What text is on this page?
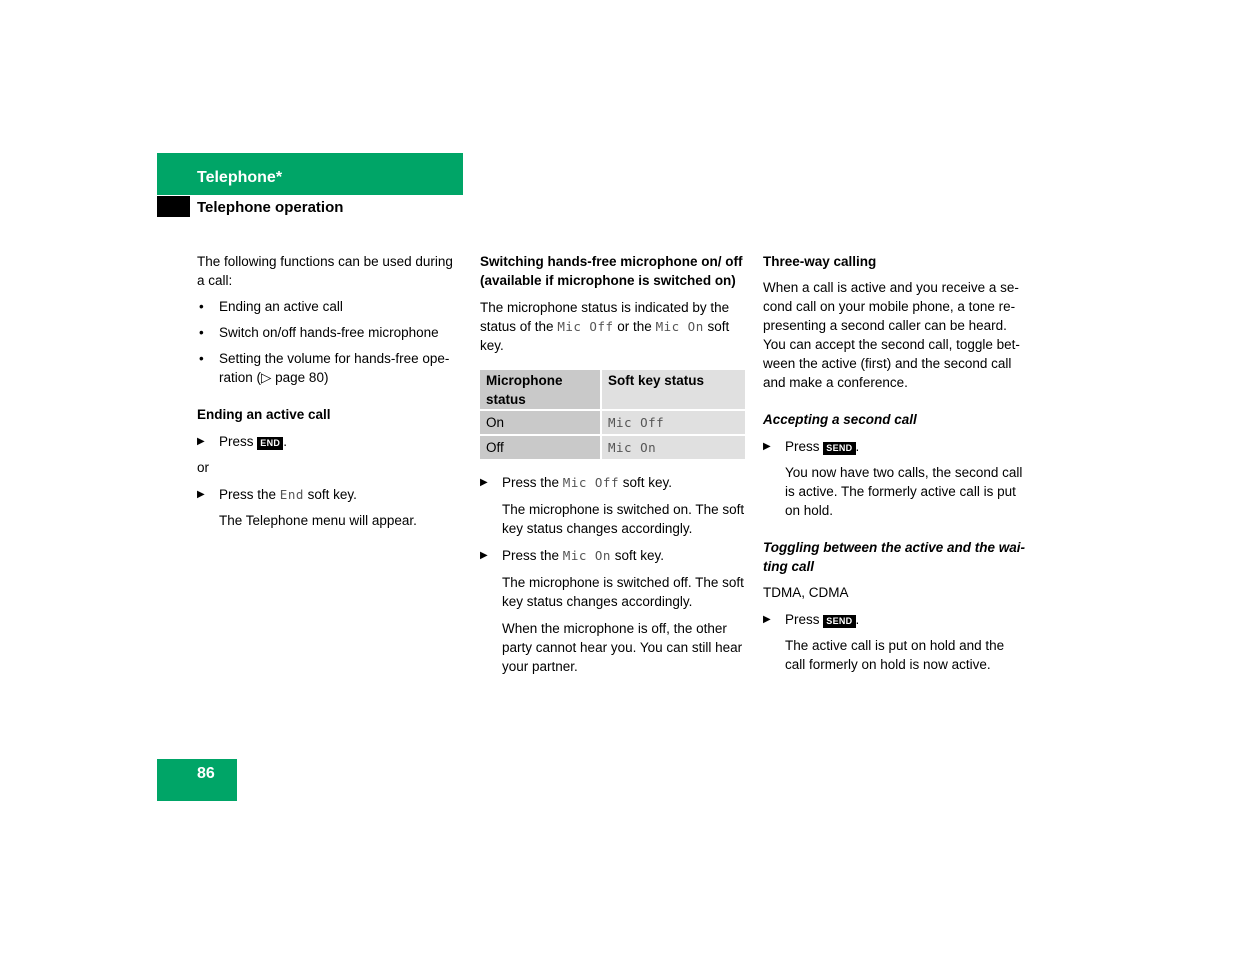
Telephone*
Telephone operation
The following functions can be used during a call:
• Ending an active call
• Switch on/off hands-free microphone
• Setting the volume for hands-free ope-ration (▷ page 80)
Ending an active call
▶ Press END .
or
▶ Press the End soft key.
The Telephone menu will appear.
Switching hands-free microphone on/ off (available if microphone is switched on)
The microphone status is indicated by the status of the Mic Off or the Mic On soft key.
Microphone status	Soft key status
On	Mic Off
Off	Mic On
▶ Press the Mic Off soft key.
The microphone is switched on. The soft key status changes accordingly.
▶ Press the Mic On soft key.
The microphone is switched off. The soft key status changes accordingly.
When the microphone is off, the other party cannot hear you. You can still hear your partner.
Three-way calling
When a call is active and you receive a se-cond call on your mobile phone, a tone re-presenting a second caller can be heard. You can accept the second call, toggle bet-ween the active (first) and the second call and make a conference.
Accepting a second call
▶ Press SEND .
You now have two calls, the second call is active. The formerly active call is put on hold.
Toggling between the active and the wai-ting call
TDMA, CDMA
▶ Press SEND .
The active call is put on hold and the call formerly on hold is now active.
86
